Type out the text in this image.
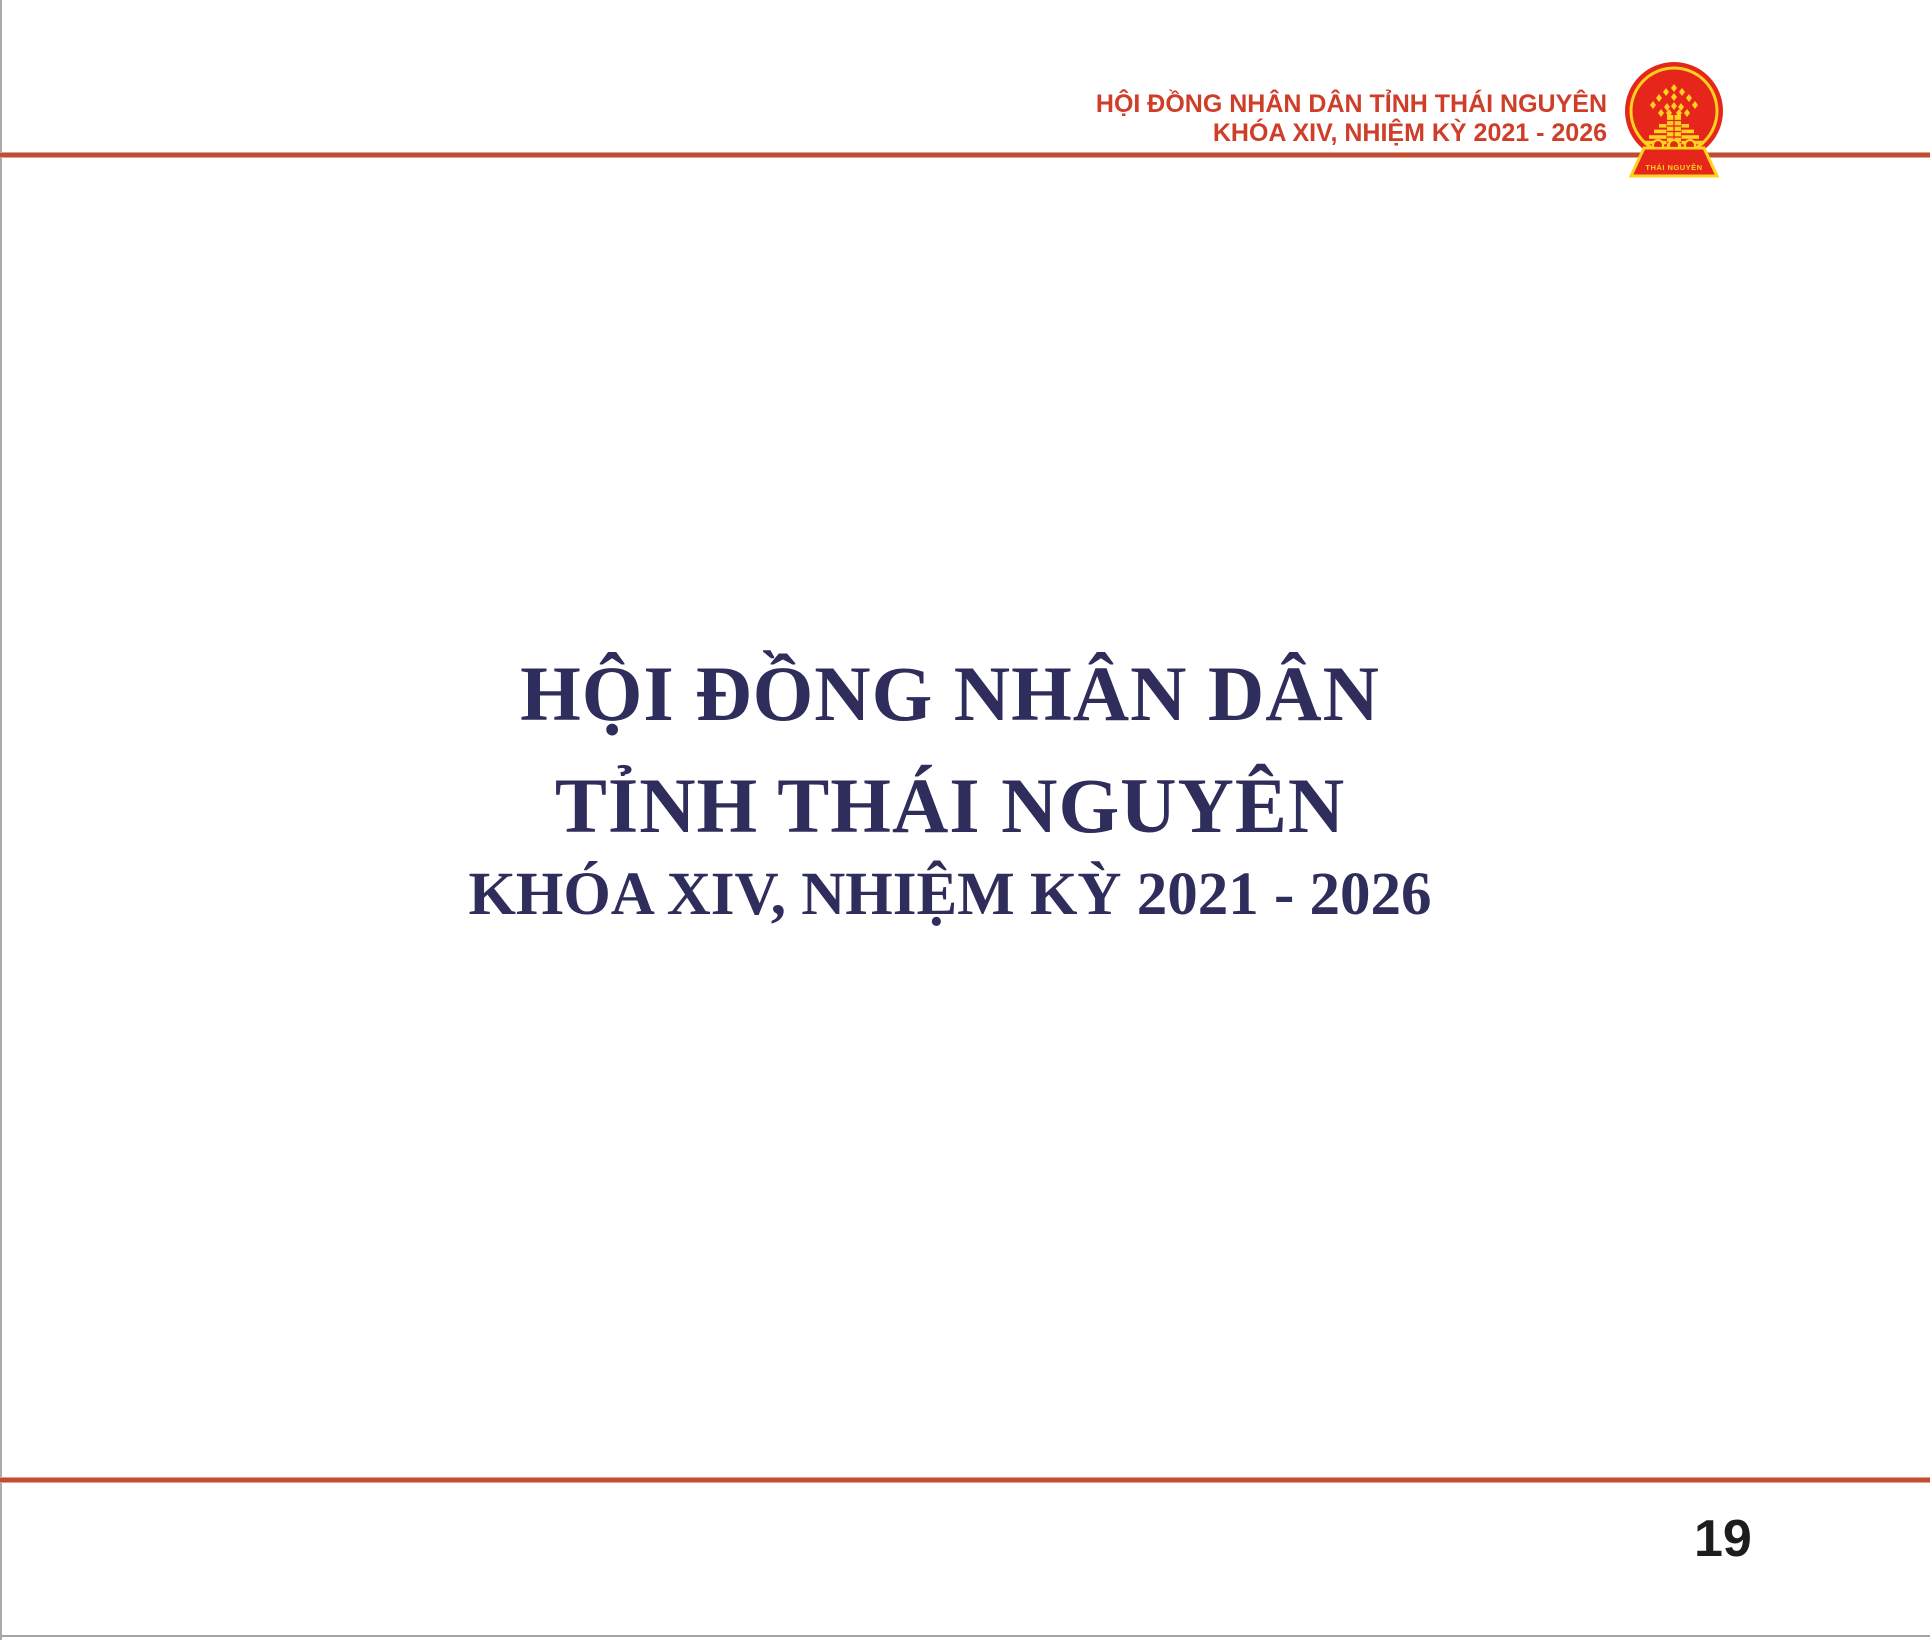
HỘI ĐỒNG NHÂN DÂN TỈNH THÁI NGUYÊN
KHÓA XIV, NHIỆM KỲ 2021 - 2026
THÁI NGUYÊN
HỘI ĐỒNG NHÂN DÂN
TỈNH THÁI NGUYÊN
KHÓA XIV, NHIỆM KỲ 2021 - 2026
19
